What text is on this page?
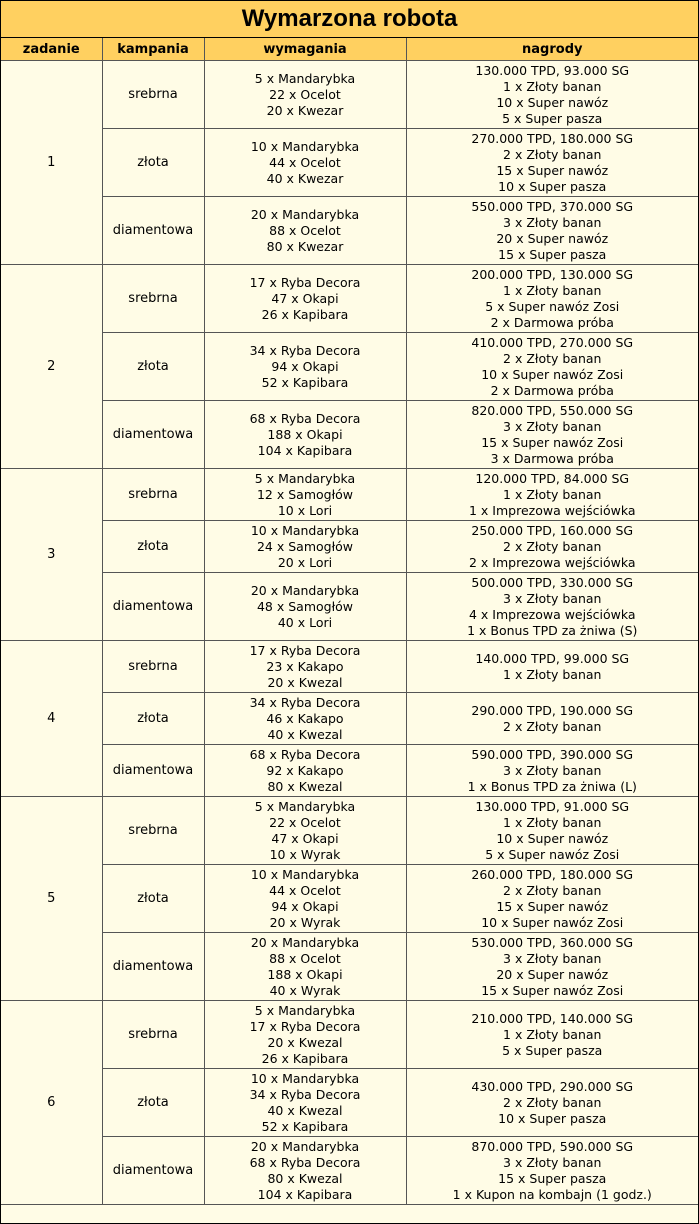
Wymarzona robota
zadanie	kampania	wymagania	nagrody
1	srebrna	5 x Mandarybka
22 x Ocelot
20 x Kwezar	130.000 TPD, 93.000 SG
1 x Złoty banan
10 x Super nawóz
5 x Super pasza

	złota	10 x Mandarybka
44 x Ocelot
40 x Kwezar	270.000 TPD, 180.000 SG
2 x Złoty banan
15 x Super nawóz
10 x Super pasza

	diamentowa	20 x Mandarybka
88 x Ocelot
80 x Kwezar	550.000 TPD, 370.000 SG
3 x Złoty banan
20 x Super nawóz
15 x Super pasza

2	srebrna	17 x Ryba Decora
47 x Okapi
26 x Kapibara	200.000 TPD, 130.000 SG
1 x Złoty banan
5 x Super nawóz Zosi
2 x Darmowa próba

	złota	34 x Ryba Decora
94 x Okapi
52 x Kapibara	410.000 TPD, 270.000 SG
2 x Złoty banan
10 x Super nawóz Zosi
2 x Darmowa próba

	diamentowa	68 x Ryba Decora
188 x Okapi
104 x Kapibara	820.000 TPD, 550.000 SG
3 x Złoty banan
15 x Super nawóz Zosi
3 x Darmowa próba

3	srebrna	5 x Mandarybka
12 x Samogłów
10 x Lori	120.000 TPD, 84.000 SG
1 x Złoty banan
1 x Imprezowa wejściówka

	złota	10 x Mandarybka
24 x Samogłów
20 x Lori	250.000 TPD, 160.000 SG
2 x Złoty banan
2 x Imprezowa wejściówka

	diamentowa	20 x Mandarybka
48 x Samogłów
40 x Lori	500.000 TPD, 330.000 SG
3 x Złoty banan
4 x Imprezowa wejściówka
1 x Bonus TPD za żniwa (S)

4	srebrna	17 x Ryba Decora
23 x Kakapo
20 x Kwezal	140.000 TPD, 99.000 SG
1 x Złoty banan

	złota	34 x Ryba Decora
46 x Kakapo
40 x Kwezal	290.000 TPD, 190.000 SG
2 x Złoty banan

	diamentowa	68 x Ryba Decora
92 x Kakapo
80 x Kwezal	590.000 TPD, 390.000 SG
3 x Złoty banan
1 x Bonus TPD za żniwa (L)

5	srebrna	5 x Mandarybka
22 x Ocelot
47 x Okapi
10 x Wyrak	130.000 TPD, 91.000 SG
1 x Złoty banan
10 x Super nawóz
5 x Super nawóz Zosi

	złota	10 x Mandarybka
44 x Ocelot
94 x Okapi
20 x Wyrak	260.000 TPD, 180.000 SG
2 x Złoty banan
15 x Super nawóz
10 x Super nawóz Zosi

	diamentowa	20 x Mandarybka
88 x Ocelot
188 x Okapi
40 x Wyrak	530.000 TPD, 360.000 SG
3 x Złoty banan
20 x Super nawóz
15 x Super nawóz Zosi

6	srebrna	5 x Mandarybka
17 x Ryba Decora
20 x Kwezal
26 x Kapibara	210.000 TPD, 140.000 SG
1 x Złoty banan
5 x Super pasza

	złota	10 x Mandarybka
34 x Ryba Decora
40 x Kwezal
52 x Kapibara	430.000 TPD, 290.000 SG
2 x Złoty banan
10 x Super pasza

	diamentowa	20 x Mandarybka
68 x Ryba Decora
80 x Kwezal
104 x Kapibara	870.000 TPD, 590.000 SG
3 x Złoty banan
15 x Super pasza
1 x Kupon na kombajn (1 godz.)
